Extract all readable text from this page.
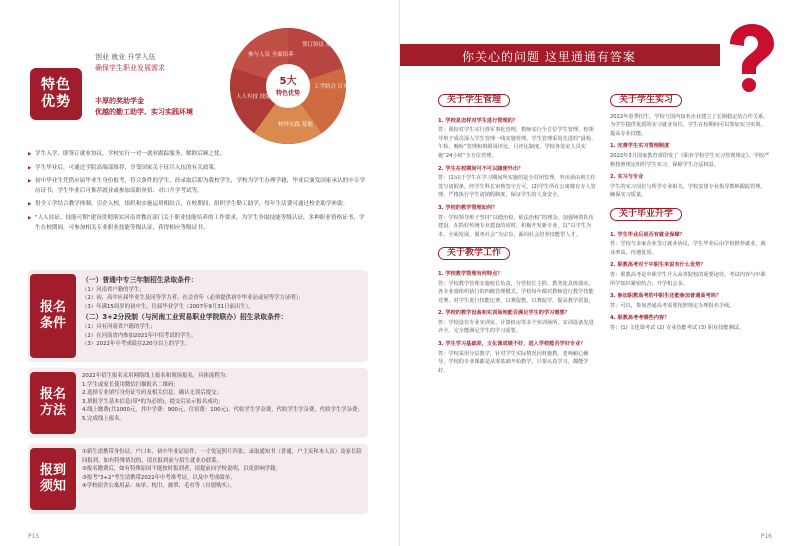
特色
优势
创业 就业 升学入伍
确保学生职业发展需求
丰厚的奖助学金
优越的勤工助学、实习实践环境
5大
特色优势
签订协议 推荐就业
工学结合 订单培养
校外实践 基地
人人有技 技能
参与人员 全面培养

▶ 学生入学、即签订就业协议，学校实行一对一就业跟踪服务，解除后顾之忧。

▶ 学生毕业后，可通过学院高端部推荐，享受国家关于征兵入伍的有关政策。

▶ 初中毕业生凭借应届毕业生身份报考，符合条件的学生，经录取后即为我校学生，学校为学生办理学籍，毕业后颁发国家承认的中专学历证书，学生毕业后可推荐就业或参加高职单招、对口升学考试等。

▶ 借全工学结合教学体制，引企入校，组织和实施运用相结合，在校期间，组织学生勤工助学，每年生活费可通过校企助学补助。

▶ "人人持证、技能可期"建设贯彻落实河南省教育部门关于职业技能培养的工作要求，为学生争取技能等级认证，多种职业资格证书，学生在校期间，可参加相关专业职业技能等级认证，获得相应等级证书。

报名
条件
（一）普通中专三年制招生录取条件：
（1）河南省户籍的学生；
（2）初、高中应届毕业生及同等学力者、社会青年（必须提供初中毕业证或同等学力证明）；
（3）年满15周岁的初中生、往届毕业学生（2007年9月31日前出生）。
（二）3+2分段制（与河南工业贸易职业学院联办）招生录取条件：
（1）具有河南省户籍的学生；
（2）在河南省内参加2021年中招考试的学生；
（3）2022年中考成绩在220分以上的学生。
报名
方法
2022年招生报名采用网络线上报名和现场报名，具体流程为：
1.学生或家长使用微信扫描报名二维码；
2.选择专业填写身份证号码及相关信息，确认无误后提交；
3.填报学生基本信息(带*的为必填)，提交后显示报名成功；
4.线上缴费(共1000元，其中学费：900元，住宿费：100元)，代收学生学杂费，代收学生学杂费，代收学生学杂费；
5.完成线上报名。
报到
须知
①新生需携带身份证、户口本、初中毕业证原件、一寸免冠照片四张、录取通知书（普通、户主页和本人页）及家长陪同报到。如有特殊情况的，请在报到前与招生就业办联系。
②报名缴费后，如有特殊原因不能按时报到者，请提前向学校说明，以免影响学籍。
③报考"3+2"考生请携带2022年中考准考证，以及中考成绩单。
④学校宿舍公寓用品：床单、枕巾、被罩、毛巾等（自愿购买）。
P15
你关心的问题 这里通通有答案
关于学生管理
1. 学校是怎样对学生进行管理的？
答：我校对学生实行准军事化管理，教师实行全方位学生管理，校领导班子成员深入学生管理一线实施管理，学生管理采用先进的“晨检、午检、晚检”管理和班级周评比、月评比制度，学校各处室人员实施“24小时”全方位管理。
2. 学生在校期间可不可以随便外出？
答：(1)由于学生在学习期间所实施的是全封闭管理，外出须由班主任签写请假条，经学生科长审核签字方可。(2)学生所在公寓楼有专人管理，严格执行学生请销假制度，保证学生的人身安全。
3. 学校的教学管理如何？
答：学校领导班子坚持“以德治校、依法治校”的理念，加强师资队伍建设，在抓好传统专业建设的同时，积极开发新专业，以“以学生为本、全面发展、服务社会”为宗旨，面向社会培养技能型人才。
关于教学工作
1. 学校教学管理有何特点？
答：学校教学管理实施校长负责、分管校长主抓、教务处具体落实、各专业部组织执行的四级管理模式。学校每年都对教师进行教学技能竞赛，对学生进行技能比赛，以赛促教，以赛促学，提高教学质量。
2. 学校的教学设备和实训场地能否满足学生的学习需要？
答：学校设有专业实训室、计算机房等多个实训场所，实训设备先进齐全，完全能满足学生的学习需要。
3. 学生学习基础差，文化课成绩不好，进入学校能否学好专业？
答：学校采用分层教学，针对学生实际情况因材施教，老师耐心辅导，学校的专业课都是从零基础开始教学，只要认真学习，都能学好。
关于学生实习
2022年春季招生，学校与国内知名企业建立了长期稳定的合作关系，为学生提供优质的实习就业岗位，学生在校期间可以参加实习实训，提高专业技能。
1. 完善学生实习管理制度
2022年3月国家教育部印发了《职业学校学生实习管理规定》，学校严格按照规定组织学生实习，保障学生合法权益。
2. 实习与专业
学生的实习岗位与所学专业相关，学校安排专业指导教师跟踪管理，确保实习质量。
关于毕业升学
1. 学生毕业后是否有就业保障？
答：学校与多家企业签订就业协议，学生毕业后由学校推荐就业，就业率高，待遇优厚。
2. 职教高考对于中职生来说有什么优势？
答：职教高考是中职学生升入高等院校的重要途径，考试内容与中职所学知识紧密结合，升学机会多。
3. 参加职教高考的中职生还能参加普通高考吗？
答：可以，参加普通高考需要按照规定办理报名手续。
4. 职教高考考哪些内容？
答：(1) 文化课考试 (2) 专业技能考试 (3) 职业技能测试。
P16
